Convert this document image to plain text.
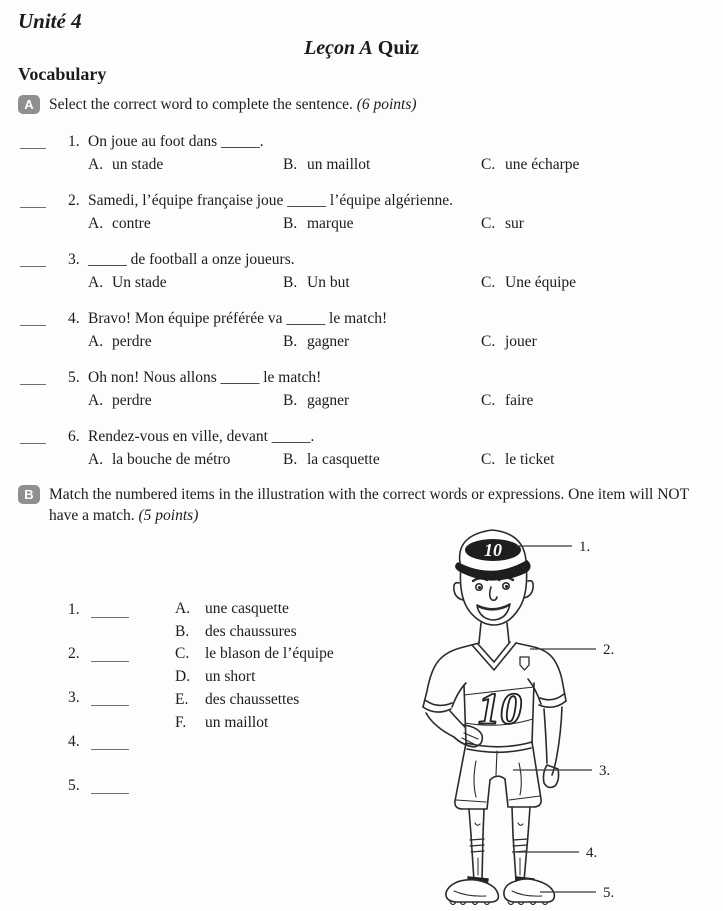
Unité 4
Leçon A Quiz
Vocabulary
A Select the correct word to complete the sentence. (6 points)
1. On joue au foot dans _____.
A. un stade	B. un maillot	C. une écharpe
2. Samedi, l’équipe française joue _____ l’équipe algérienne.
A. contre	B. marque	C. sur
3. _____ de football a onze joueurs.
A. Un stade	B. Un but	C. Une équipe
4. Bravo! Mon équipe préférée va _____ le match!
A. perdre	B. gagner	C. jouer
5. Oh non! Nous allons _____ le match!
A. perdre	B. gagner	C. faire
6. Rendez-vous en ville, devant _____.
A. la bouche de métro	B. la casquette	C. le ticket
B Match the numbered items in the illustration with the correct words or expressions. One item will NOT have a match. (5 points)
1.
2.
3.
4.
5.
A. une casquette
B.	des chaussures
C.	le blason de l’équipe
D. un short
E.	des chaussettes
F.	un maillot
10
10
1.
2.
3.
4.
5.
